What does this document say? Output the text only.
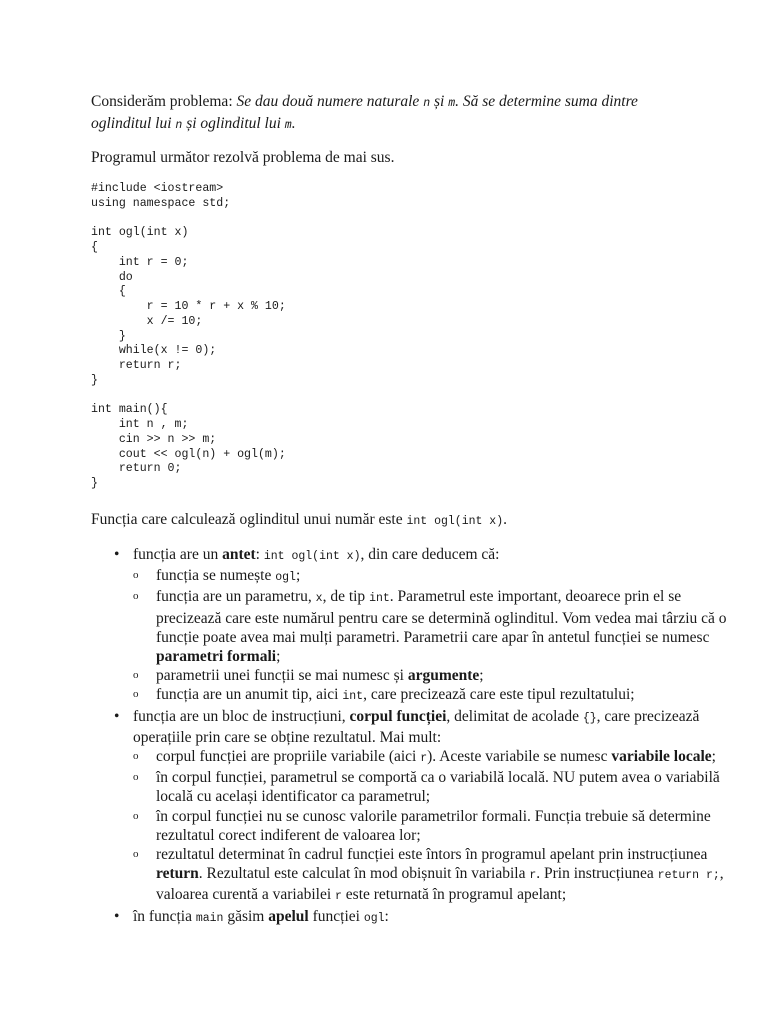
Considerăm problema: Se dau două numere naturale n și m. Să se determine suma dintre oglinditul lui n și oglinditul lui m.

Programul următor rezolvă problema de mai sus.

#include <iostream>
using namespace std;

int ogl(int x)
{
int r = 0;
do
{
r = 10 * r + x % 10;
x /= 10;
}
while(x != 0);
return r;
}

int main(){
int n , m;
cin >> n >> m;
cout << ogl(n) + ogl(m);
return 0;
}

Funcția care calculează oglinditul unui număr este int ogl(int x).

• funcția are un antet: int ogl(int x), din care deducem că:
o funcția se numește ogl;
o funcția are un parametru, x, de tip int. Parametrul este important, deoarece prin el se precizează care este numărul pentru care se determină oglinditul. Vom vedea mai târziu că o funcție poate avea mai mulți parametri. Parametrii care apar în antetul funcției se numesc parametri formali;
o parametrii unei funcții se mai numesc și argumente;
o funcția are un anumit tip, aici int, care precizează care este tipul rezultatului;
• funcția are un bloc de instrucțiuni, corpul funcției, delimitat de acolade {}, care precizează operațiile prin care se obține rezultatul. Mai mult:
o corpul funcției are propriile variabile (aici r). Aceste variabile se numesc variabile locale;
o în corpul funcției, parametrul se comportă ca o variabilă locală. NU putem avea o variabilă locală cu același identificator ca parametrul;
o în corpul funcției nu se cunosc valorile parametrilor formali. Funcția trebuie să determine rezultatul corect indiferent de valoarea lor;
o rezultatul determinat în cadrul funcției este întors în programul apelant prin instrucțiunea return. Rezultatul este calculat în mod obișnuit în variabila r. Prin instrucțiunea return r;, valoarea curentă a variabilei r este returnată în programul apelant;
• în funcția main găsim apelul funcției ogl:
